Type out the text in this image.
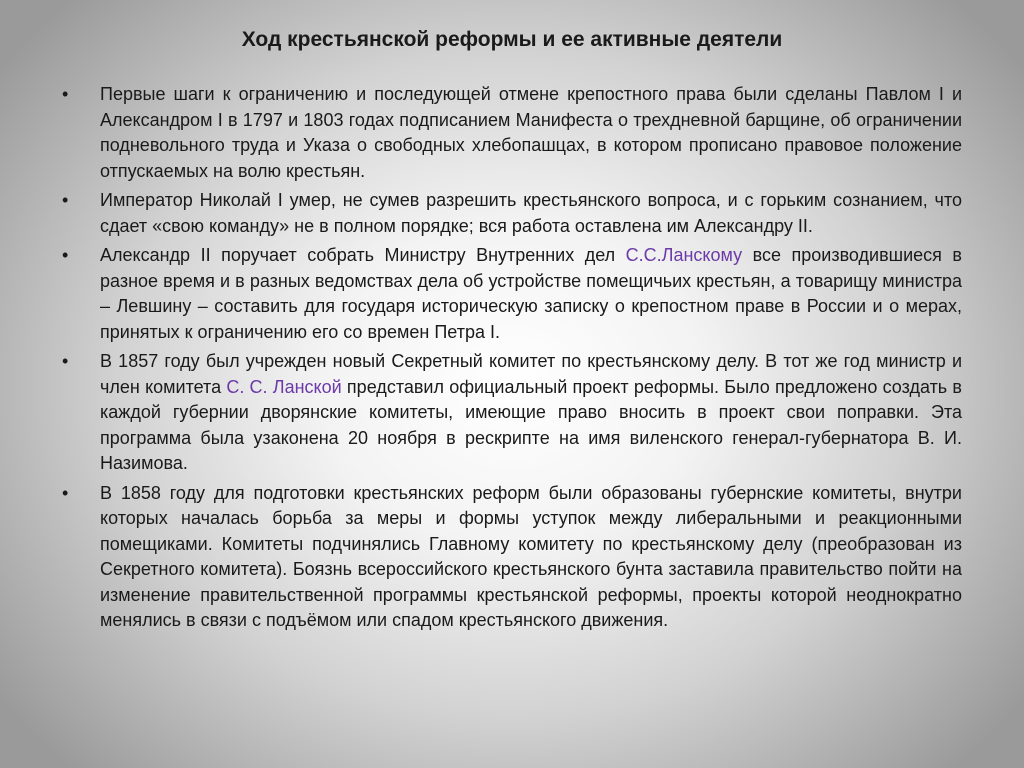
Ход крестьянской реформы и ее активные деятели
• Первые шаги к ограничению и последующей отмене крепостного права были сделаны Павлом I и Александром I в 1797 и 1803 годах подписанием Манифеста о трехдневной барщине, об ограничении подневольного труда и Указа о свободных хлебопашцах, в котором прописано правовое положение отпускаемых на волю крестьян.
• Император Николай I умер, не сумев разрешить крестьянского вопроса, и с горьким сознанием, что сдает «свою команду» не в полном порядке; вся работа оставлена им Александру II.
• Александр II поручает собрать Министру Внутренних дел С.С.Ланскому все производившиеся в разное время и в разных ведомствах дела об устройстве помещичьих крестьян, а товарищу министра – Левшину – составить для государя историческую записку о крепостном праве в России и о мерах, принятых к ограничению его со времен Петра I.
• В 1857 году был учрежден новый Секретный комитет по крестьянскому делу. В тот же год министр и член комитета С. С. Ланской представил официальный проект реформы. Было предложено создать в каждой губернии дворянские комитеты, имеющие право вносить в проект свои поправки. Эта программа была узаконена 20 ноября в рескрипте на имя виленского генерал-губернатора В. И. Назимова.
• В 1858 году для подготовки крестьянских реформ были образованы губернские комитеты, внутри которых началась борьба за меры и формы уступок между либеральными и реакционными помещиками. Комитеты подчинялись Главному комитету по крестьянскому делу (преобразован из Секретного комитета). Боязнь всероссийского крестьянского бунта заставила правительство пойти на изменение правительственной программы крестьянской реформы, проекты которой неоднократно менялись в связи с подъёмом или спадом крестьянского движения.
